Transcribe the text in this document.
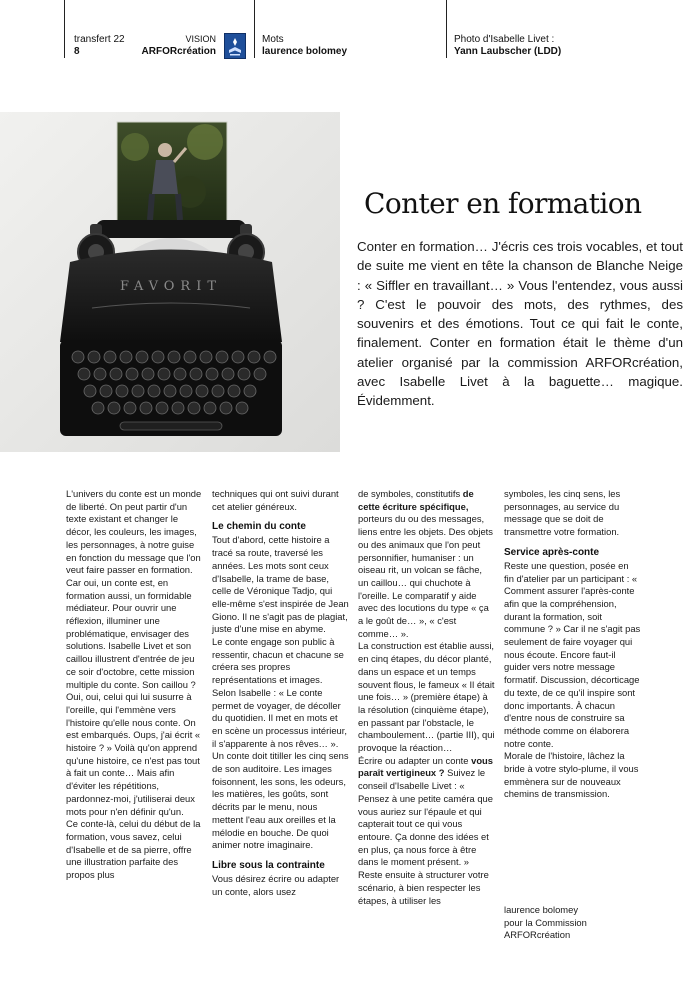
transfert 22
8
VISION
ARFORcréation
Mots
laurence bolomey
Photo d'Isabelle Livet :
Yann Laubscher (LDD)
FAVORIT
Conter en formation

Conter en formation… J'écris ces trois vocables, et tout de suite me vient en tête la chanson de Blanche Neige : « Siffler en travaillant… » Vous l'entendez, vous aussi ? C'est le pouvoir des mots, des rythmes, des souvenirs et des émotions. Tout ce qui fait le conte, finalement. Conter en formation était le thème d'un atelier organisé par la commission ARFORcréation, avec Isabelle Livet à la baguette… magique. Évidemment.

L'univers du conte est un monde de liberté. On peut partir d'un texte existant et changer le décor, les couleurs, les images, les personnages, à notre guise en fonction du message que l'on veut faire passer en formation.

Car oui, un conte est, en formation aussi, un formidable médiateur. Pour ouvrir une réflexion, illuminer une problématique, envisager des solutions. Isabelle Livet et son caillou illustrent d'entrée de jeu ce soir d'octobre, cette mission multiple du conte. Son caillou ? Oui, oui, celui qui lui susurre à l'oreille, qui l'emmène vers l'histoire qu'elle nous conte. On est embarqués. Oups, j'ai écrit « histoire ? » Voilà qu'on apprend qu'une histoire, ce n'est pas tout à fait un conte… Mais afin d'éviter les répétitions, pardonnez-moi, j'utiliserai deux mots pour n'en définir qu'un.

Ce conte-là, celui du début de la formation, vous savez, celui d'Isabelle et de sa pierre, offre une illustration parfaite des propos plus

techniques qui ont suivi durant cet atelier généreux.

Le chemin du conte

Tout d'abord, cette histoire a tracé sa route, traversé les années. Les mots sont ceux d'Isabelle, la trame de base, celle de Véronique Tadjo, qui elle-même s'est inspirée de Jean Giono. Il ne s'agit pas de plagiat, juste d'une mise en abyme.

Le conte engage son public à ressentir, chacun et chacune se créera ses propres représentations et images. Selon Isabelle : « Le conte permet de voyager, de décoller du quotidien. Il met en mots et en scène un processus intérieur, il s'apparente à nos rêves… ». Un conte doit titiller les cinq sens de son auditoire. Les images foisonnent, les sons, les odeurs, les matières, les goûts, sont décrits par le menu, nous mettent l'eau aux oreilles et la mélodie en bouche. De quoi animer notre imaginaire.

Libre sous la contrainte

Vous désirez écrire ou adapter un conte, alors usez

de symboles, constitutifs de cette écriture spécifique, porteurs du ou des messages, liens entre les objets. Des objets ou des animaux que l'on peut personnifier, humaniser : un oiseau rit, un volcan se fâche, un caillou… qui chuchote à l'oreille. Le comparatif y aide avec des locutions du type « ça a le goût de… », « c'est comme… ».

La construction est établie aussi, en cinq étapes, du décor planté, dans un espace et un temps souvent flous, le fameux « Il était une fois… » (première étape) à la résolution (cinquième étape), en passant par l'obstacle, le chamboulement… (partie III), qui provoque la réaction…

Écrire ou adapter un conte vous paraît vertigineux ? Suivez le conseil d'Isabelle Livet : « Pensez à une petite caméra que vous auriez sur l'épaule et qui capterait tout ce qui vous entoure. Ça donne des idées et en plus, ça nous force à être dans le moment présent. » Reste ensuite à structurer votre scénario, à bien respecter les étapes, à utiliser les

symboles, les cinq sens, les personnages, au service du message que se doit de transmettre votre formation.

Service après-conte

Reste une question, posée en fin d'atelier par un participant : « Comment assurer l'après-conte afin que la compréhension, durant la formation, soit commune ? » Car il ne s'agit pas seulement de faire voyager qui nous écoute. Encore faut-il guider vers notre message formatif. Discussion, décorticage du texte, de ce qu'il inspire sont donc importants. À chacun d'entre nous de construire sa méthode comme on élaborera notre conte.

Morale de l'histoire, lâchez la bride à votre stylo-plume, il vous emmènera sur de nouveaux chemins de transmission.

laurence bolomey
pour la Commission
ARFORcréation
